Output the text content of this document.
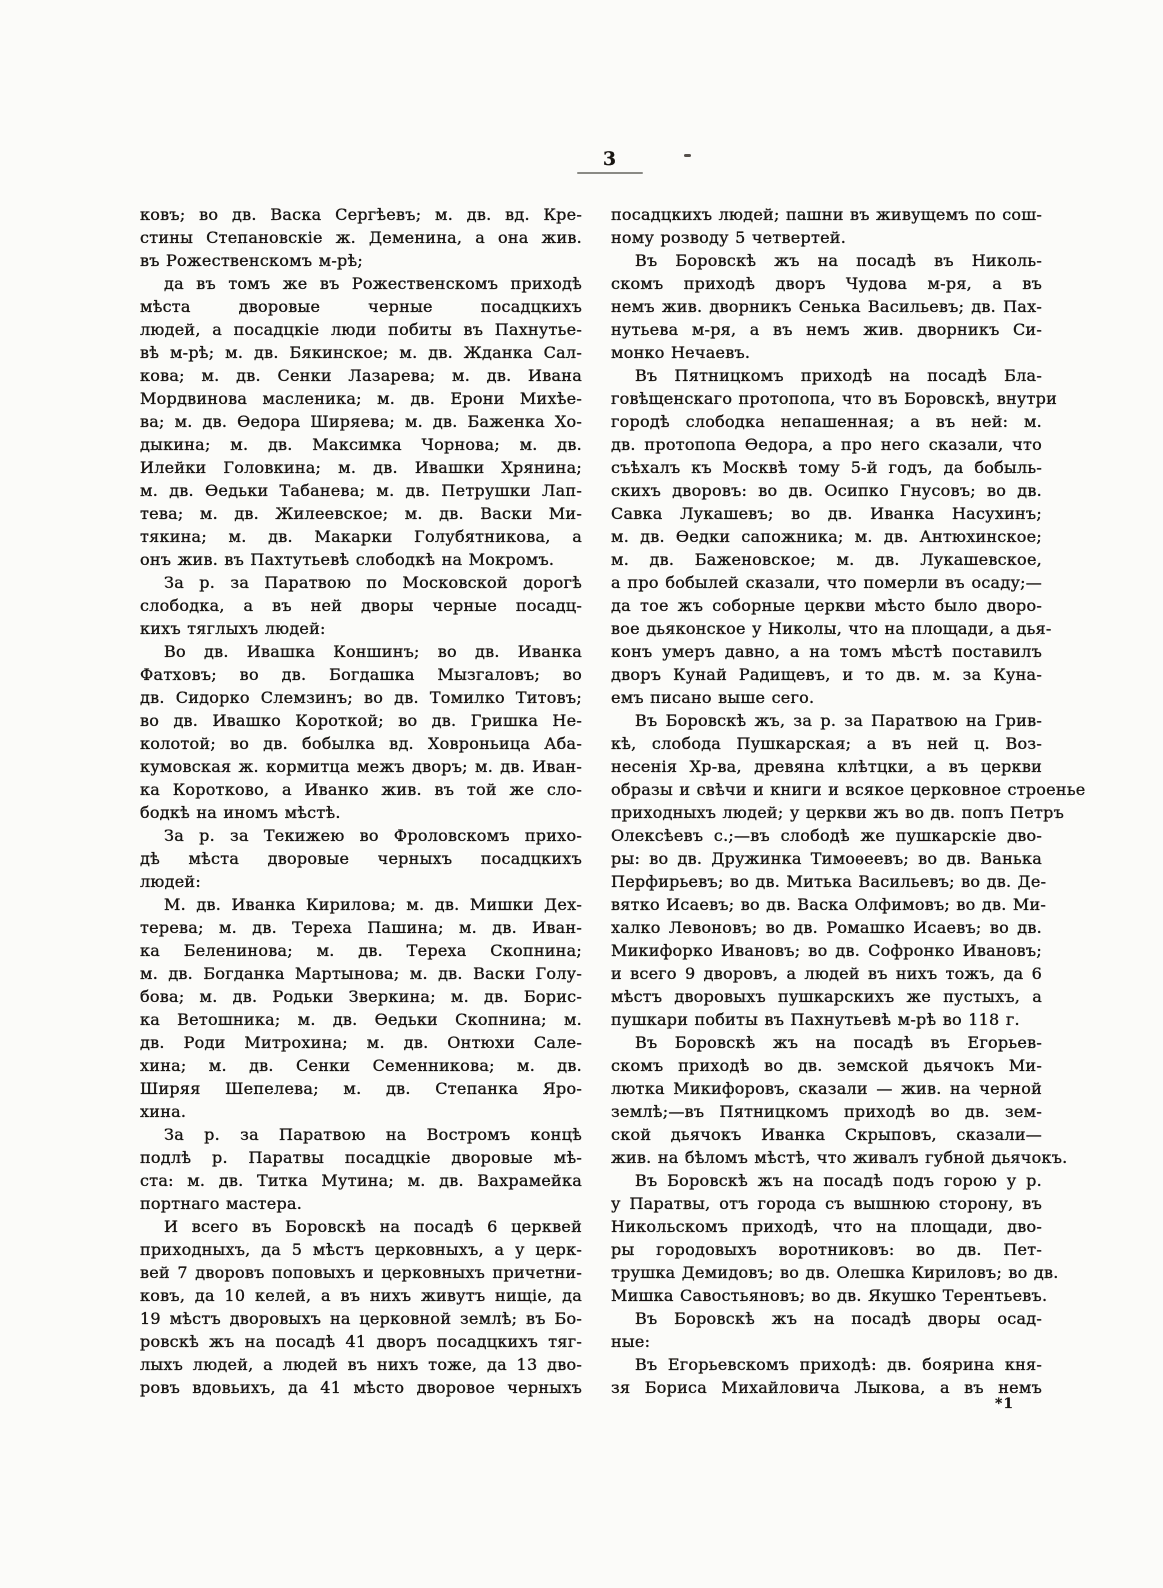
3
ковъ; во дв. Васка Сергѣевъ; м. дв. вд. Кре-
стины Степановскіе ж. Деменина, а она жив.
въ Рожественскомъ м-рѣ;
да въ томъ же въ Рожественскомъ приходѣ
мѣста дворовые черные посадцкихъ
людей, а посадцкіе люди побиты въ Пахнутье-
вѣ м-рѣ; м. дв. Бякинское; м. дв. Жданка Сал-
кова; м. дв. Сенки Лазарева; м. дв. Ивана
Мордвинова масленика; м. дв. Ерони Михѣе-
ва; м. дв. Ѳедора Ширяева; м. дв. Баженка Хо-
дыкина; м. дв. Максимка Чорнова; м. дв.
Илейки Головкина; м. дв. Ивашки Хрянина;
м. дв. Ѳедьки Табанева; м. дв. Петрушки Лап-
тева; м. дв. Жилеевское; м. дв. Васки Ми-
тякина; м. дв. Макарки Голубятникова, а
онъ жив. въ Пахтутьевѣ слободкѣ на Мокромъ.
За р. за Паратвою по Московской дорогѣ
слободка, а въ ней дворы черные посадц-
кихъ тяглыхъ людей:
Во дв. Ивашка Коншинъ; во дв. Иванка
Фатховъ; во дв. Богдашка Мызгаловъ; во
дв. Сидорко Слемзинъ; во дв. Томилко Титовъ;
во дв. Ивашко Короткой; во дв. Гришка Не-
колотой; во дв. бобылка вд. Ховроньица Аба-
кумовская ж. кормитца межъ дворъ; м. дв. Иван-
ка Коротково, а Иванко жив. въ той же сло-
бодкѣ на иномъ мѣстѣ.
За р. за Текижею во Фроловскомъ прихо-
дѣ мѣста дворовые черныхъ посадцкихъ
людей:
М. дв. Иванка Кирилова; м. дв. Мишки Дех-
терева; м. дв. Тереха Пашина; м. дв. Иван-
ка Беленинова; м. дв. Тереха Скопнина;
м. дв. Богданка Мартынова; м. дв. Васки Голу-
бова; м. дв. Родьки Зверкина; м. дв. Борис-
ка Ветошника; м. дв. Ѳедьки Скопнина; м.
дв. Роди Митрохина; м. дв. Онтюхи Сале-
хина; м. дв. Сенки Семенникова; м. дв.
Ширяя Шепелева; м. дв. Степанка Яро-
хина.
За р. за Паратвою на Востромъ концѣ
подлѣ р. Паратвы посадцкіе дворовые мѣ-
ста: м. дв. Титка Мутина; м. дв. Вахрамейка
портнаго мастера.
И всего въ Боровскѣ на посадѣ 6 церквей
приходныхъ, да 5 мѣстъ церковныхъ, а у церк-
вей 7 дворовъ поповыхъ и церковныхъ причетни-
ковъ, да 10 келей, а въ нихъ живутъ нищіе, да
19 мѣстъ дворовыхъ на церковной землѣ; въ Бо-
ровскѣ жъ на посадѣ 41 дворъ посадцкихъ тяг-
лыхъ людей, а людей въ нихъ тоже, да 13 дво-
ровъ вдовьихъ, да 41 мѣсто дворовое черныхъ
посадцкихъ людей; пашни въ живущемъ по сош-
ному розводу 5 четвертей.
Въ Боровскѣ жъ на посадѣ въ Николь-
скомъ приходѣ дворъ Чудова м-ря, а въ
немъ жив. дворникъ Сенька Васильевъ; дв. Пах-
нутьева м-ря, а въ немъ жив. дворникъ Си-
монко Нечаевъ.
Въ Пятницкомъ приходѣ на посадѣ Бла-
говѣщенскаго протопопа, что въ Боровскѣ, внутри
городѣ слободка непашенная; а въ ней: м.
дв. протопопа Ѳедора, а про него сказали, что
съѣхалъ къ Москвѣ тому 5-й годъ, да бобыль-
скихъ дворовъ: во дв. Осипко Гнусовъ; во дв.
Савка Лукашевъ; во дв. Иванка Насухинъ;
м. дв. Ѳедки сапожника; м. дв. Антюхинское;
м. дв. Баженовское; м. дв. Лукашевское,
а про бобылей сказали, что померли въ осаду;—
да тое жъ соборные церкви мѣсто было дворо-
вое дьяконское у Николы, что на площади, а дья-
конъ умеръ давно, а на томъ мѣстѣ поставилъ
дворъ Кунай Радищевъ, и то дв. м. за Куна-
емъ писано выше сего.
Въ Боровскѣ жъ, за р. за Паратвою на Грив-
кѣ, слобода Пушкарская; а въ ней ц. Воз-
несенія Хр-ва, древяна клѣтцки, а въ церкви
образы и свѣчи и книги и всякое церковное строенье
приходныхъ людей; у церкви жъ во дв. попъ Петръ
Олексѣевъ с.;—въ слободѣ же пушкарскіе дво-
ры: во дв. Дружинка Тимоѳеевъ; во дв. Ванька
Перфирьевъ; во дв. Митька Васильевъ; во дв. Де-
вятко Исаевъ; во дв. Васка Олфимовъ; во дв. Ми-
халко Левоновъ; во дв. Ромашко Исаевъ; во дв.
Микифорко Ивановъ; во дв. Софронко Ивановъ;
и всего 9 дворовъ, а людей въ нихъ тожъ, да 6
мѣстъ дворовыхъ пушкарскихъ же пустыхъ, а
пушкари побиты въ Пахнутьевѣ м-рѣ во 118 г.
Въ Боровскѣ жъ на посадѣ въ Егорьев-
скомъ приходѣ во дв. земской дьячокъ Ми-
лютка Микифоровъ, сказали — жив. на черной
землѣ;—въ Пятницкомъ приходѣ во дв. зем-
ской дьячокъ Иванка Скрыповъ, сказали—
жив. на бѣломъ мѣстѣ, что живалъ губной дьячокъ.
Въ Боровскѣ жъ на посадѣ подъ горою у р.
у Паратвы, отъ города съ вышнюю сторону, въ
Никольскомъ приходѣ, что на площади, дво-
ры городовыхъ воротниковъ: во дв. Пет-
трушка Демидовъ; во дв. Олешка Кириловъ; во дв.
Мишка Савостьяновъ; во дв. Якушко Терентьевъ.
Въ Боровскѣ жъ на посадѣ дворы осад-
ные:
Въ Егорьевскомъ приходѣ: дв. боярина кня-
зя Бориса Михайловича Лыкова, а въ немъ
*1
